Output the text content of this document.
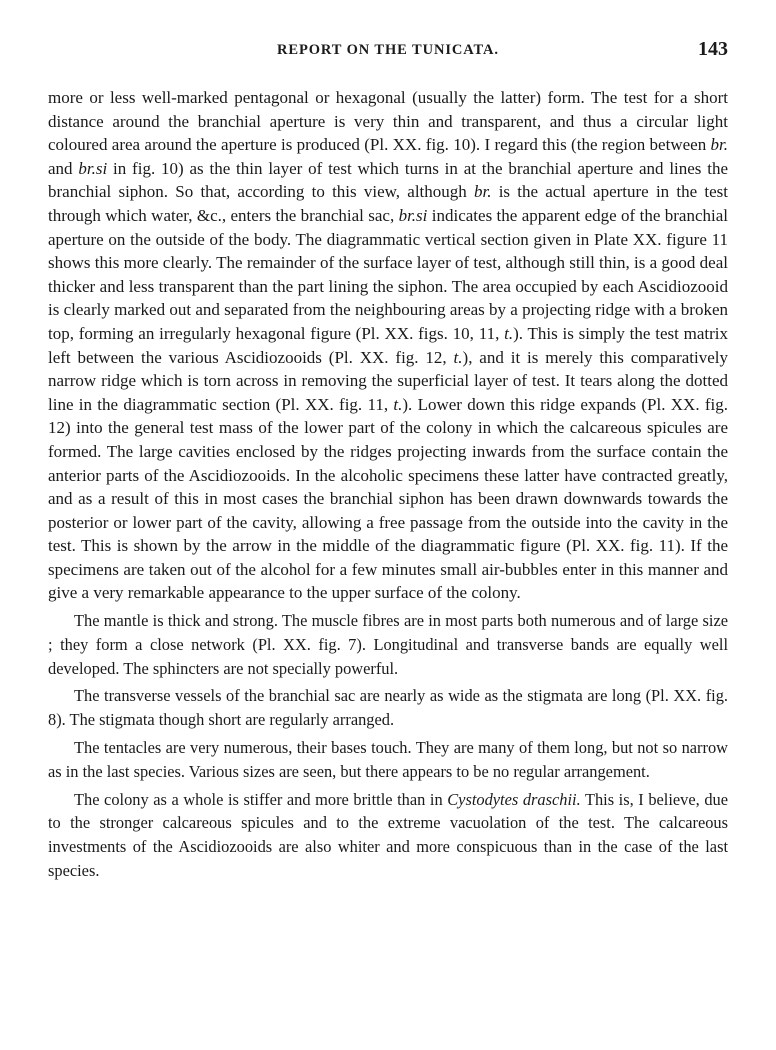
REPORT ON THE TUNICATA.	143

more or less well-marked pentagonal or hexagonal (usually the latter) form. The test for a short distance around the branchial aperture is very thin and transparent, and thus a circular light coloured area around the aperture is produced (Pl. XX. fig. 10). I regard this (the region between br. and br.si in fig. 10) as the thin layer of test which turns in at the branchial aperture and lines the branchial siphon. So that, according to this view, although br. is the actual aperture in the test through which water, &c., enters the branchial sac, br.si indicates the apparent edge of the branchial aperture on the outside of the body. The diagrammatic vertical section given in Plate XX. figure 11 shows this more clearly. The remainder of the surface layer of test, although still thin, is a good deal thicker and less transparent than the part lining the siphon. The area occupied by each Ascidiozooid is clearly marked out and separated from the neighbouring areas by a projecting ridge with a broken top, forming an irregularly hexagonal figure (Pl. XX. figs. 10, 11, t.). This is simply the test matrix left between the various Ascidiozooids (Pl. XX. fig. 12, t.), and it is merely this comparatively narrow ridge which is torn across in removing the superficial layer of test. It tears along the dotted line in the diagrammatic section (Pl. XX. fig. 11, t.). Lower down this ridge expands (Pl. XX. fig. 12) into the general test mass of the lower part of the colony in which the calcareous spicules are formed. The large cavities enclosed by the ridges projecting inwards from the surface contain the anterior parts of the Ascidiozooids. In the alcoholic specimens these latter have contracted greatly, and as a result of this in most cases the branchial siphon has been drawn downwards towards the posterior or lower part of the cavity, allowing a free passage from the outside into the cavity in the test. This is shown by the arrow in the middle of the diagrammatic figure (Pl. XX. fig. 11). If the specimens are taken out of the alcohol for a few minutes small air-bubbles enter in this manner and give a very remarkable appearance to the upper surface of the colony.

The mantle is thick and strong. The muscle fibres are in most parts both numerous and of large size ; they form a close network (Pl. XX. fig. 7). Longitudinal and transverse bands are equally well developed. The sphincters are not specially powerful.

The transverse vessels of the branchial sac are nearly as wide as the stigmata are long (Pl. XX. fig. 8). The stigmata though short are regularly arranged.

The tentacles are very numerous, their bases touch. They are many of them long, but not so narrow as in the last species. Various sizes are seen, but there appears to be no regular arrangement.

The colony as a whole is stiffer and more brittle than in Cystodytes draschii. This is, I believe, due to the stronger calcareous spicules and to the extreme vacuolation of the test. The calcareous investments of the Ascidiozooids are also whiter and more conspicuous than in the case of the last species.
